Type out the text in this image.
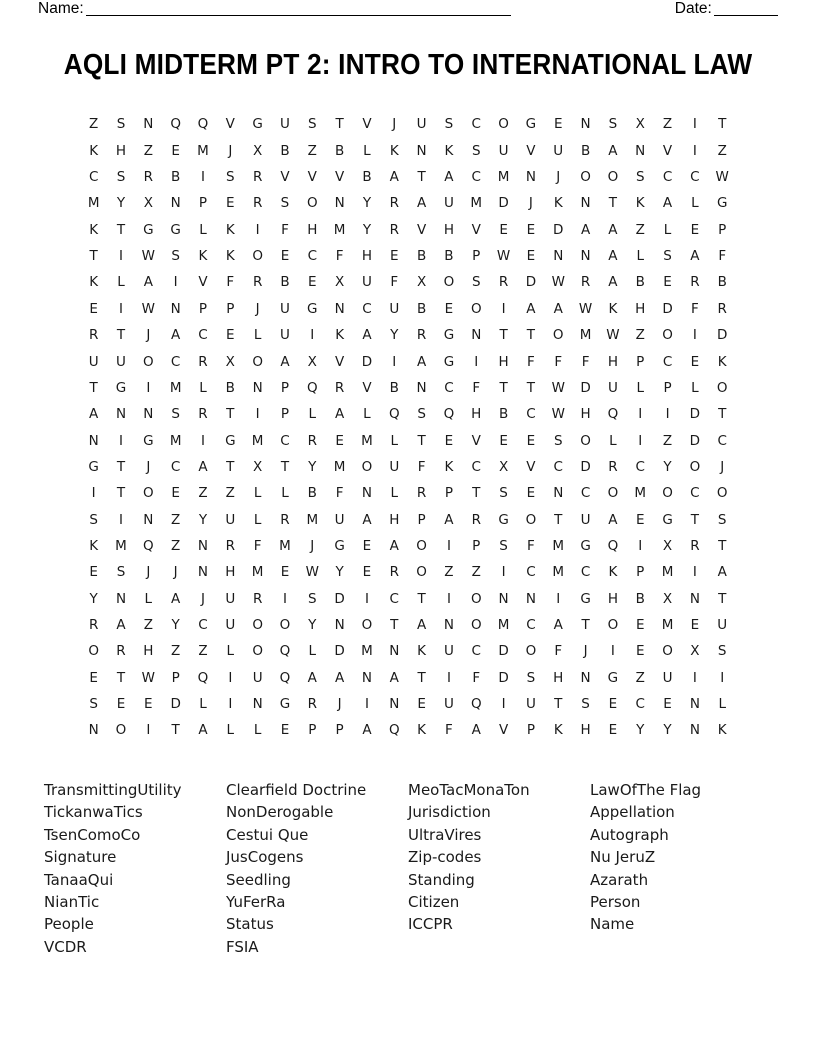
Name: _____________________________________________________	Date: ________
AQLI MIDTERM PT 2: INTRO TO INTERNATIONAL LAW
Z	S	N	Q	Q	V	G	U	S	T	V	J	U	S	C	O	G	E	N	S	X	Z	I	T
K	H	Z	E	M	J	X	B	Z	B	L	K	N	K	S	U	V	U	B	A	N	V	I	Z
C	S	R	B	I	S	R	V	V	V	B	A	T	A	C	M	N	J	O	O	S	C	C	W
M	Y	X	N	P	E	R	S	O	N	Y	R	A	U	M	D	J	K	N	T	K	A	L	G
K	T	G	G	L	K	I	F	H	M	Y	R	V	H	V	E	E	D	A	A	Z	L	E	P
T	I	W	S	K	K	O	E	C	F	H	E	B	B	P	W	E	N	N	A	L	S	A	F
K	L	A	I	V	F	R	B	E	X	U	F	X	O	S	R	D	W	R	A	B	E	R	B
E	I	W	N	P	P	J	U	G	N	C	U	B	E	O	I	A	A	W	K	H	D	F	R
R	T	J	A	C	E	L	U	I	K	A	Y	R	G	N	T	T	O	M	W	Z	O	I	D
U	U	O	C	R	X	O	A	X	V	D	I	A	G	I	H	F	F	F	H	P	C	E	K
T	G	I	M	L	B	N	P	Q	R	V	B	N	C	F	T	T	W	D	U	L	P	L	O
A	N	N	S	R	T	I	P	L	A	L	Q	S	Q	H	B	C	W	H	Q	I	I	D	T
N	I	G	M	I	G	M	C	R	E	M	L	T	E	V	E	E	S	O	L	I	Z	D	C
G	T	J	C	A	T	X	T	Y	M	O	U	F	K	C	X	V	C	D	R	C	Y	O	J
I	T	O	E	Z	Z	L	L	B	F	N	L	R	P	T	S	E	N	C	O	M	O	C	O
S	I	N	Z	Y	U	L	R	M	U	A	H	P	A	R	G	O	T	U	A	E	G	T	S
K	M	Q	Z	N	R	F	M	J	G	E	A	O	I	P	S	F	M	G	Q	I	X	R	T
E	S	J	J	N	H	M	E	W	Y	E	R	O	Z	Z	I	C	M	C	K	P	M	I	A
Y	N	L	A	J	U	R	I	S	D	I	C	T	I	O	N	N	I	G	H	B	X	N	T
R	A	Z	Y	C	U	O	O	Y	N	O	T	A	N	O	M	C	A	T	O	E	M	E	U
O	R	H	Z	Z	L	O	Q	L	D	M	N	K	U	C	D	O	F	J	I	E	O	X	S
E	T	W	P	Q	I	U	Q	A	A	N	A	T	I	F	D	S	H	N	G	Z	U	I	I
S	E	E	D	L	I	N	G	R	J	I	N	E	U	Q	I	U	T	S	E	C	E	N	L
N	O	I	T	A	L	L	E	P	P	A	Q	K	F	A	V	P	K	H	E	Y	Y	N	K
TransmittingUtility
TickanwaTics
TsenComoCo
Signature
TanaaQui
NianTic
People
VCDR
Clearfield Doctrine
NonDerogable
Cestui Que
JusCogens
Seedling
YuFerRa
Status
FSIA
MeoTacMonaTon
Jurisdiction
UltraVires
Zip-codes
Standing
Citizen
ICCPR
LawOfThe Flag
Appellation
Autograph
Nu JeruZ
Azarath
Person
Name
